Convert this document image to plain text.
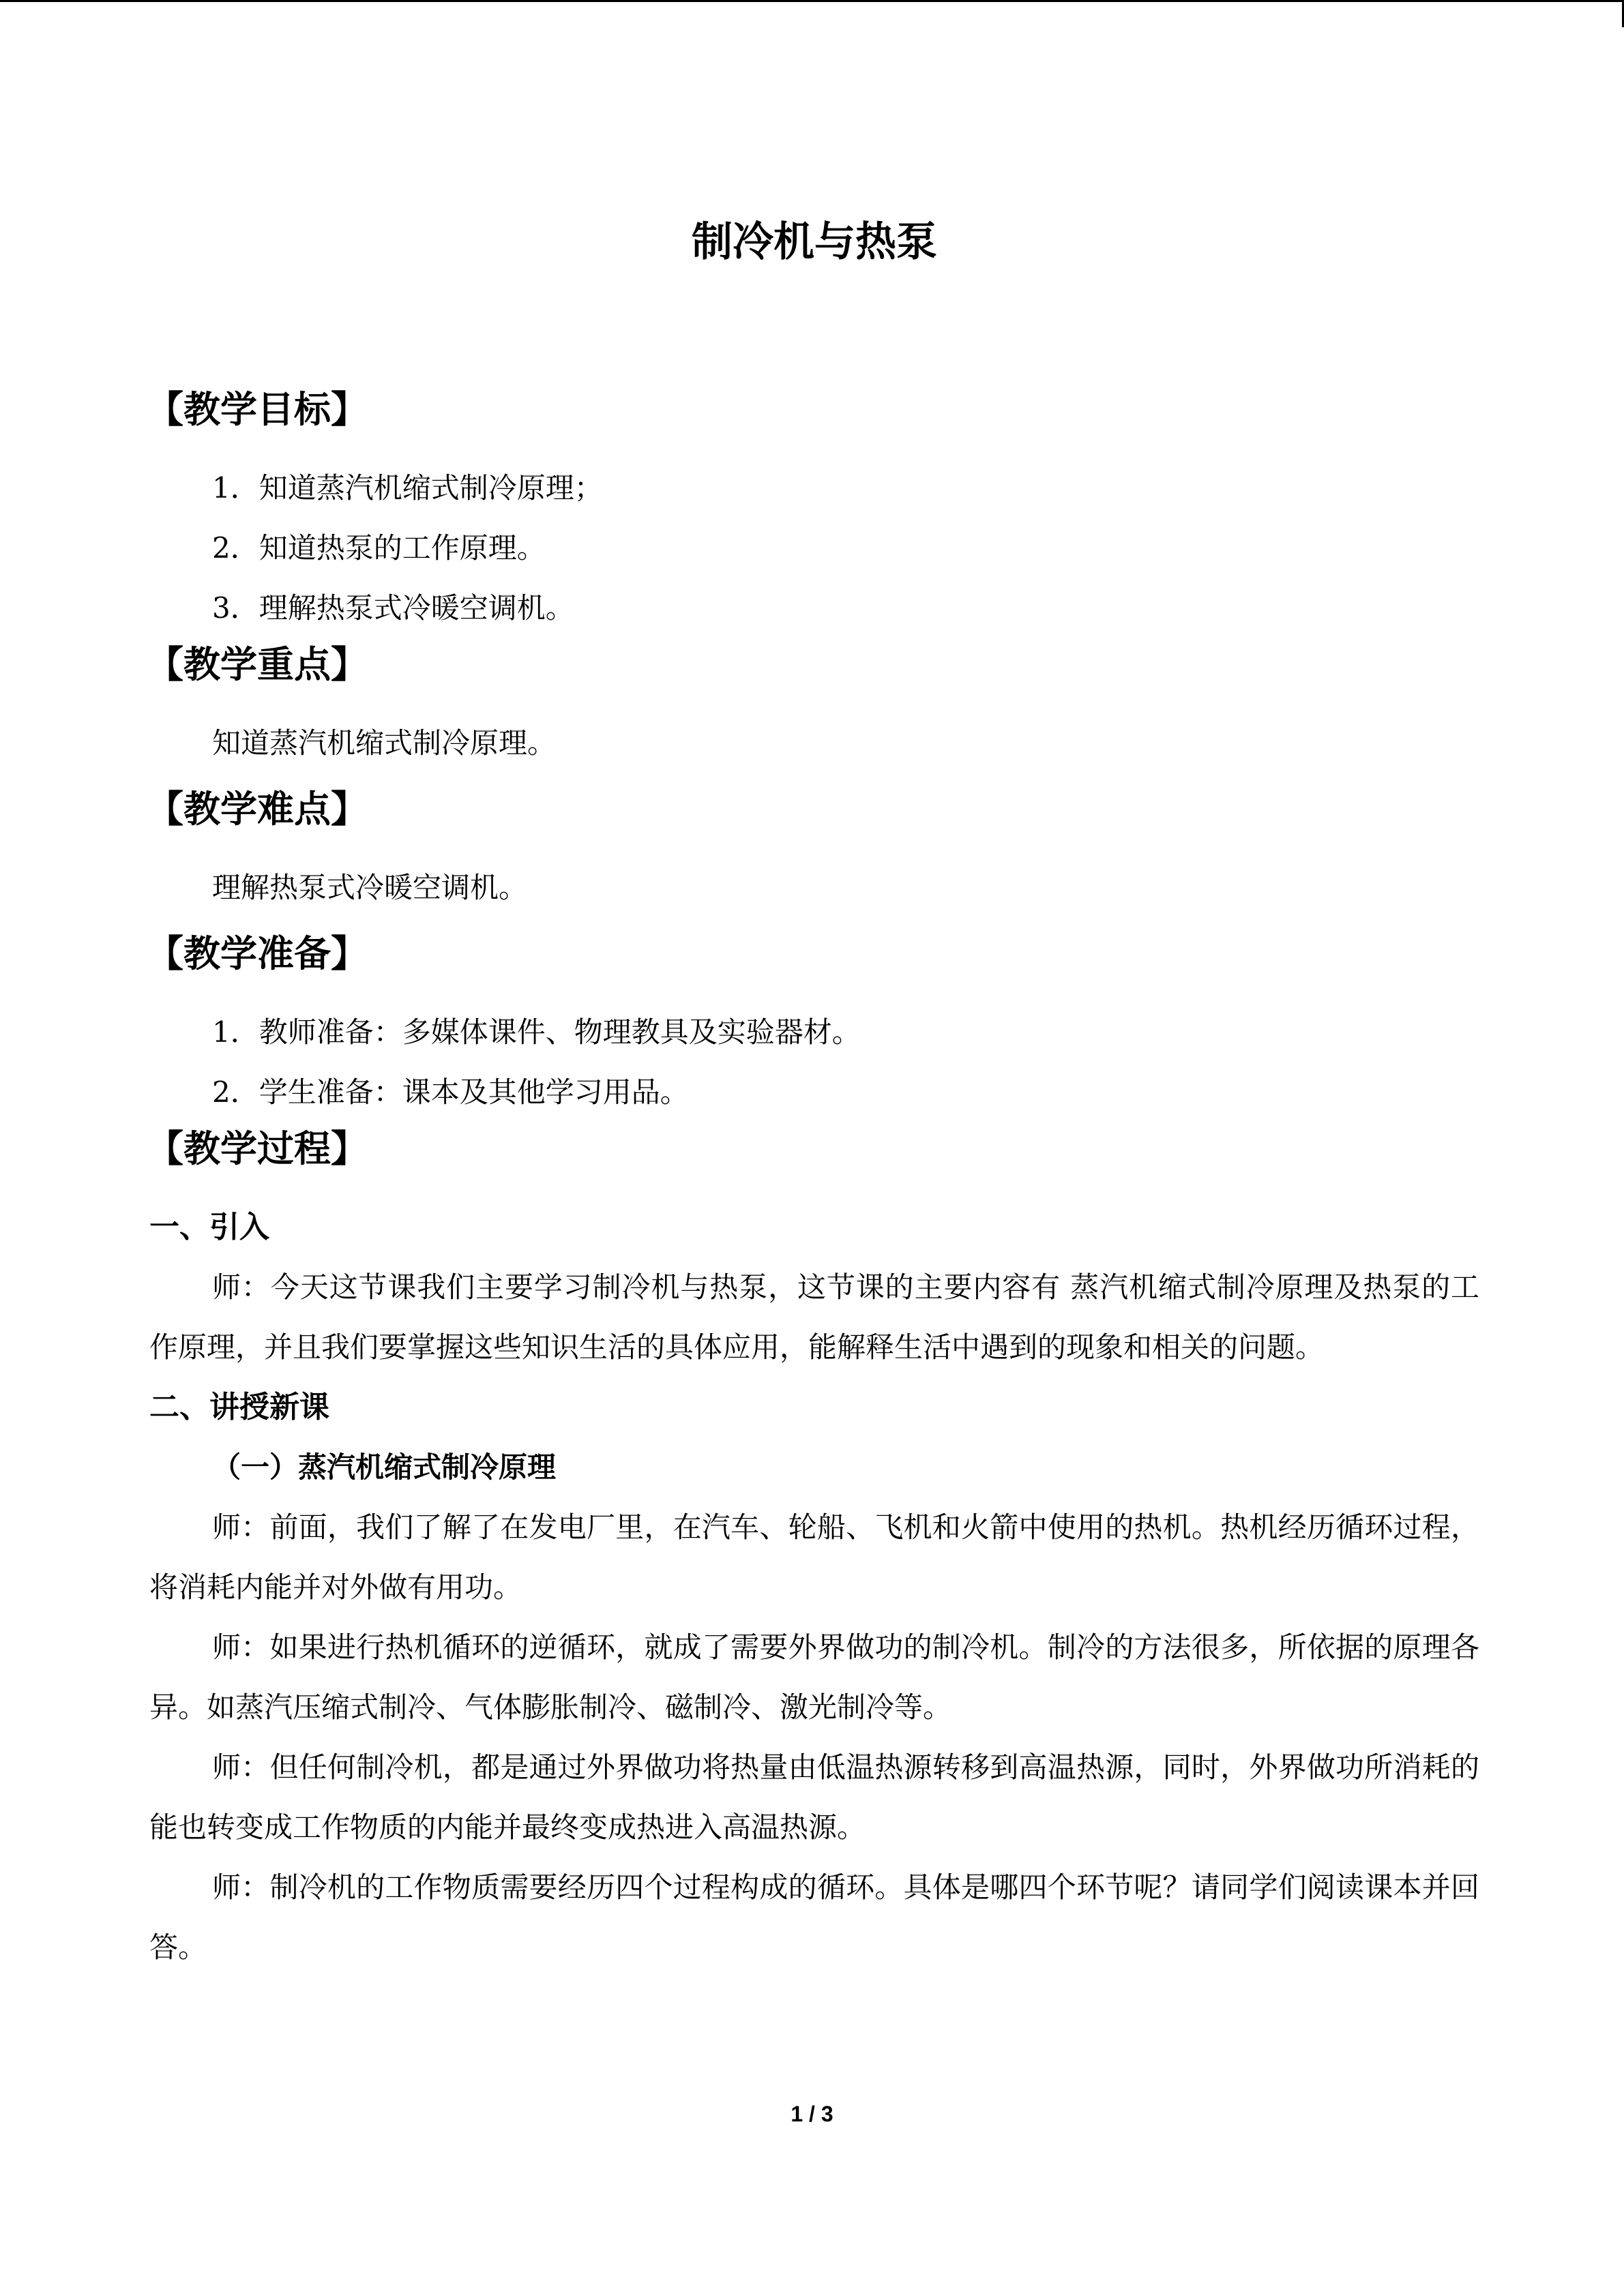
制冷机与热泵
【教学目标】
1．知道蒸汽机缩式制冷原理；
2．知道热泵的工作原理。
3．理解热泵式冷暖空调机。
【教学重点】

知道蒸汽机缩式制冷原理。

【教学难点】

理解热泵式冷暖空调机。

【教学准备】
1．教师准备：多媒体课件、物理教具及实验器材。
2．学生准备：课本及其他学习用品。
【教学过程】
一、引入

师：今天这节课我们主要学习制冷机与热泵，这节课的主要内容有 蒸汽机缩式制冷原理及热泵的工作原理，并且我们要掌握这些知识生活的具体应用，能解释生活中遇到的现象和相关的问题。

二、讲授新课
（一）蒸汽机缩式制冷原理

师：前面，我们了解了在发电厂里，在汽车、轮船、飞机和火箭中使用的热机。热机经历循环过程，将消耗内能并对外做有用功。

师：如果进行热机循环的逆循环，就成了需要外界做功的制冷机。制冷的方法很多，所依据的原理各异。如蒸汽压缩式制冷、气体膨胀制冷、磁制冷、激光制冷等。

师：但任何制冷机，都是通过外界做功将热量由低温热源转移到高温热源，同时，外界做功所消耗的能也转变成工作物质的内能并最终变成热进入高温热源。

师：制冷机的工作物质需要经历四个过程构成的循环。具体是哪四个环节呢？请同学们阅读课本并回答。

1 / 3
